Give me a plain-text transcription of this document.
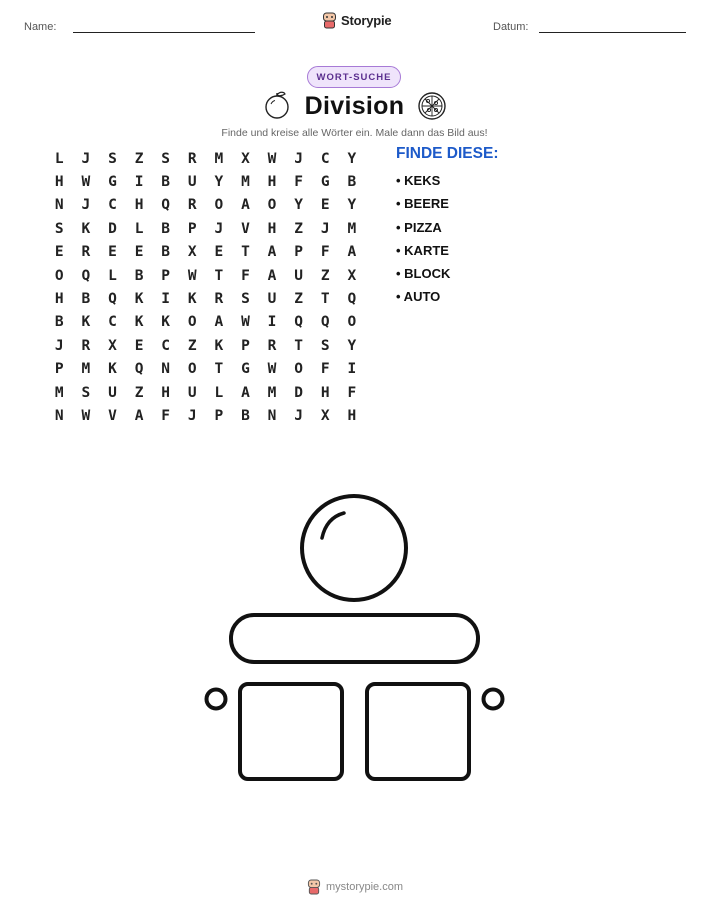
Name:	Storypie	Datum:
WORT-SUCHE
Division
Finde und kreise alle Wörter ein. Male dann das Bild aus!
L	J	S	Z	S	R	M	X	W	J	C	Y
H	W	G	I	B	U	Y	M	H	F	G	B
N	J	C	H	Q	R	O	A	O	Y	E	Y
S	K	D	L	B	P	J	V	H	Z	J	M
E	R	E	E	B	X	E	T	A	P	F	A
O	Q	L	B	P	W	T	F	A	U	Z	X
H	B	Q	K	I	K	R	S	U	Z	T	Q
B	K	C	K	K	O	A	W	I	Q	Q	O
J	R	X	E	C	Z	K	P	R	T	S	Y
P	M	K	Q	N	O	T	G	W	O	F	I
M	S	U	Z	H	U	L	A	M	D	H	F
N	W	V	A	F	J	P	B	N	J	X	H
FINDE DIESE:
• KEKS
• BEERE
• PIZZA
• KARTE
• BLOCK
• AUTO
mystorypie.com
